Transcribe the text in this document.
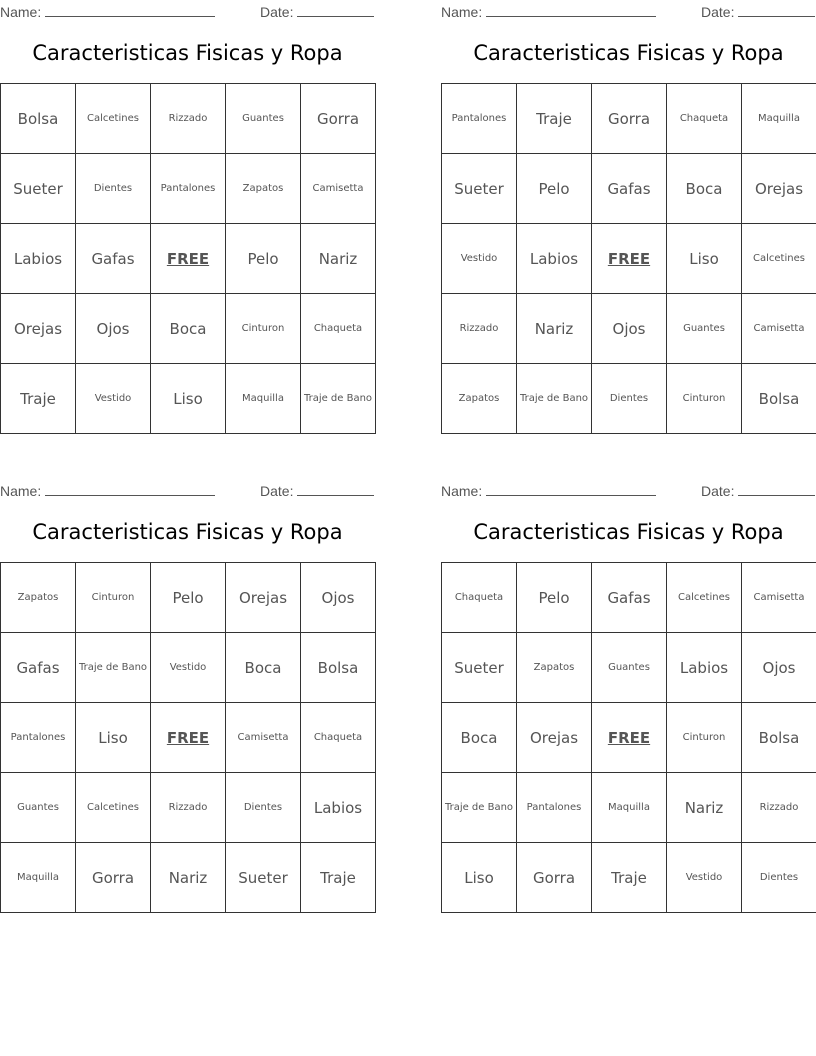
Name:	Date:
Caracteristicas Fisicas y Ropa
Bolsa	Calcetines	Rizzado	Guantes	Gorra
Sueter	Dientes	Pantalones	Zapatos	Camisetta
Labios	Gafas	FREE	Pelo	Nariz
Orejas	Ojos	Boca	Cinturon	Chaqueta
Traje	Vestido	Liso	Maquilla	Traje de Bano
Name:	Date:
Caracteristicas Fisicas y Ropa
Pantalones	Traje	Gorra	Chaqueta	Maquilla
Sueter	Pelo	Gafas	Boca	Orejas
Vestido	Labios	FREE	Liso	Calcetines
Rizzado	Nariz	Ojos	Guantes	Camisetta
Zapatos	Traje de Bano	Dientes	Cinturon	Bolsa
Name:	Date:
Caracteristicas Fisicas y Ropa
Zapatos	Cinturon	Pelo	Orejas	Ojos
Gafas	Traje de Bano	Vestido	Boca	Bolsa
Pantalones	Liso	FREE	Camisetta	Chaqueta
Guantes	Calcetines	Rizzado	Dientes	Labios
Maquilla	Gorra	Nariz	Sueter	Traje
Name:	Date:
Caracteristicas Fisicas y Ropa
Chaqueta	Pelo	Gafas	Calcetines	Camisetta
Sueter	Zapatos	Guantes	Labios	Ojos
Boca	Orejas	FREE	Cinturon	Bolsa
Traje de Bano	Pantalones	Maquilla	Nariz	Rizzado
Liso	Gorra	Traje	Vestido	Dientes
